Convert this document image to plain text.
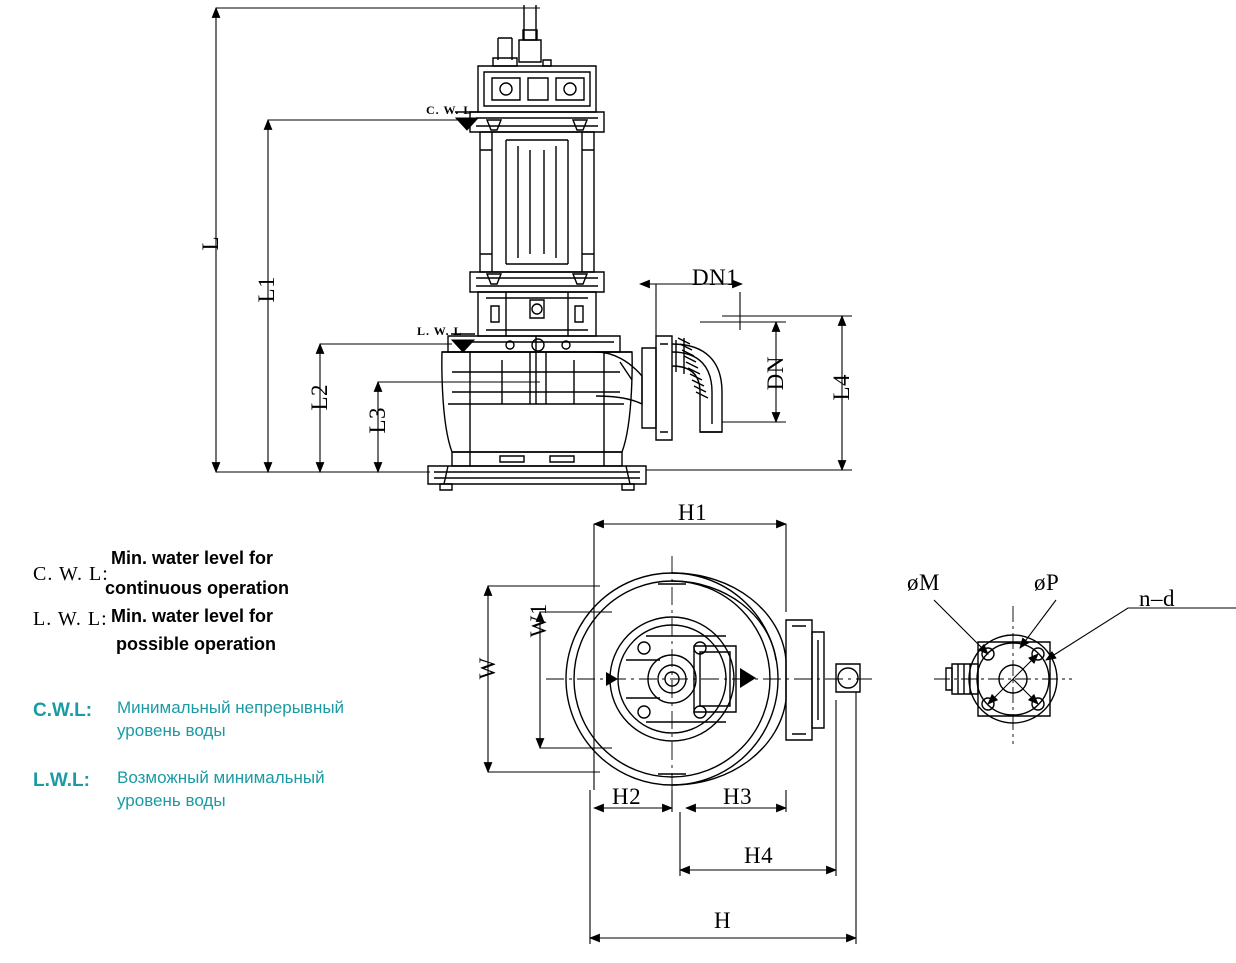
L
L1
L2
L3
L4
DN
DN1
C. W. L
L. W. L
H1
W
W1
H2	H3
H4
H
øM	øP
n–d
C. W. L:
Min. water level for
continuous operation
L. W. L: Min. water level for
possible operation
C.W.L: Минимальный непрерывный
уровень воды
L.W.L: Возможный минимальный
уровень воды
